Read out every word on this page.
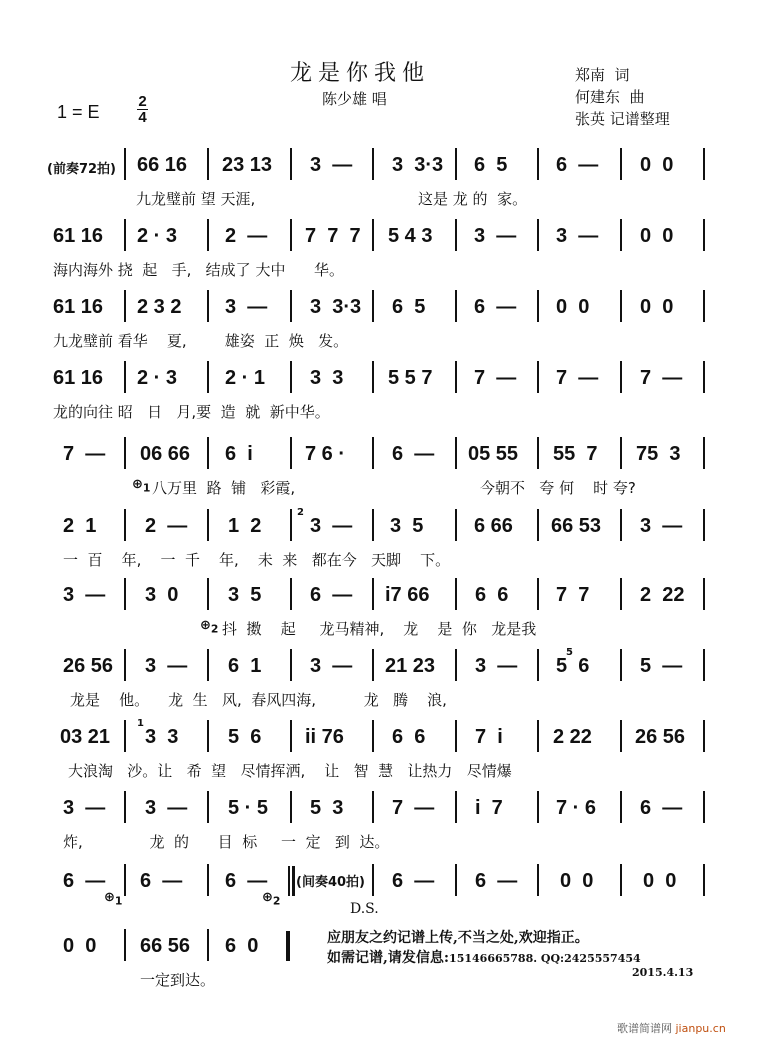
龙是你我他
陈少雄 唱
郑南  词
何建东  曲
张英 记谱整理
1 = E
2
4
(前奏72拍) 66 16 23 13 3  — 3  3·3 6  5 6  — 0  0
九龙璧前 望 天涯,	这是 龙 的  家。
61 16 2 · 3 2  — 7  7  7 5 4 3 3  — 3  — 0  0
海内海外 挠  起   手,   结成了 大中      华。
61 16 2 3 2 3  — 3  3·3 6  5 6  — 0  0	0  0
九龙璧前 看华    夏,        雄姿  正  焕   发。
61 16 2 · 3 2 · 1 3  3 5 5 7 7  — 7  — 7  —
龙的向往 昭   日   月,要  造  就  新中华。
7  — 06 66 6  i	7 6 · 6  — 05 55 55  7 75  3
$\oplus_1$ 八万里  路  铺   彩霞,	今朝不   夸 何    时 夸?
2  1 2  — 1  2
2
3  — 3  5	6 66 66 53 3  —
一  百    年,    一  千    年,    未  来   都在今   天脚    下。
3  — 3  0 3  5 6  — i7 66 6  6 7  7	2  22
$\oplus_2$ 抖  擞    起     龙马精神,    龙    是  你   龙是我
26 56 3  — 6  1 3  — 21 23 3  —
5
5  6	5  —
龙是    他。    龙  生   风,  春风四海,          龙   腾    浪,
03 21
1
3  3 5  6 ii 76 6  6 7  i	2 22 26 56
大浪淘   沙。让   希  望   尽情挥洒,    让   智  慧   让热力   尽情爆
3  — 3  — 5 · 5 5  3 7  — i  7	7 · 6 6  —
炸,              龙  的      目  标     一  定   到  达。
6  — 6  — 6  — (间奏40拍) 6  — 6  — 0  0 0  0
$\oplus_1$	$\oplus_2$	D.S.
0  0 66 56 6  0
一定到达。
应朋友之约记谱上传,不当之处,欢迎指正。
如需记谱,请发信息:15146665788. QQ:2425557454
2015.4.13
歌谱简谱网 jianpu.cn
